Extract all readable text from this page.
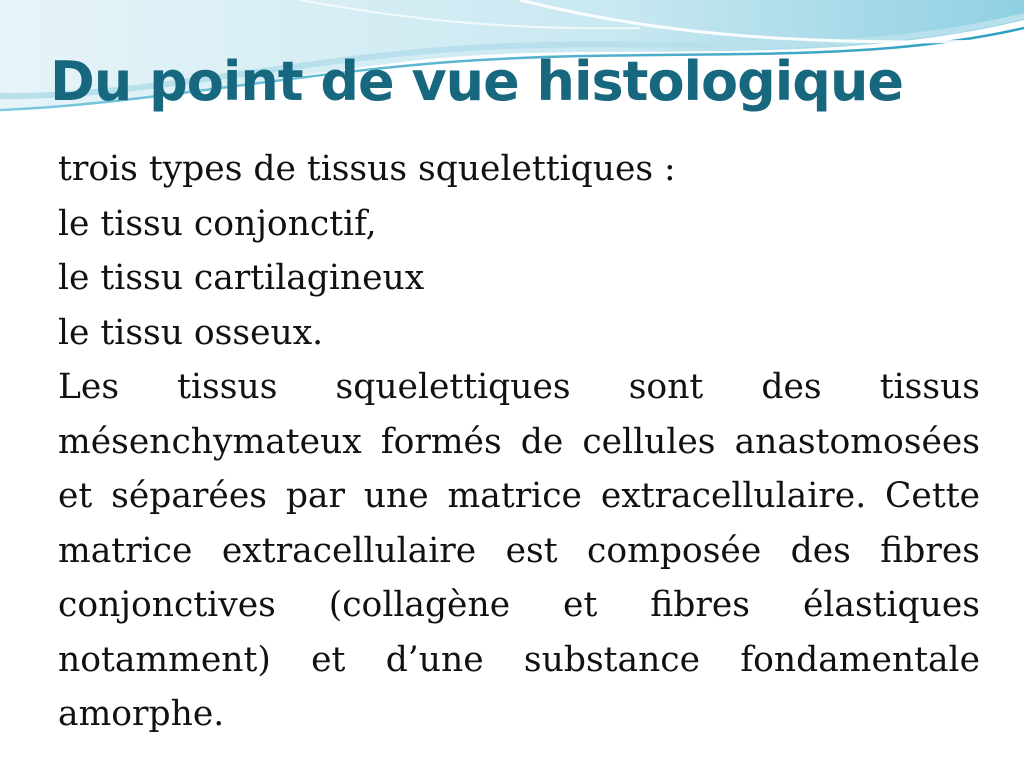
Du point de vue histologique
trois types de tissus squelettiques :
le tissu conjonctif,
le tissu cartilagineux
le tissu osseux.
Les tissus squelettiques sont des tissus mésenchymateux formés de cellules anastomosées et séparées par une matrice extracellulaire. Cette matrice extracellulaire est composée des fibres conjonctives (collagène et fibres élastiques notamment) et d’une substance fondamentale amorphe.
